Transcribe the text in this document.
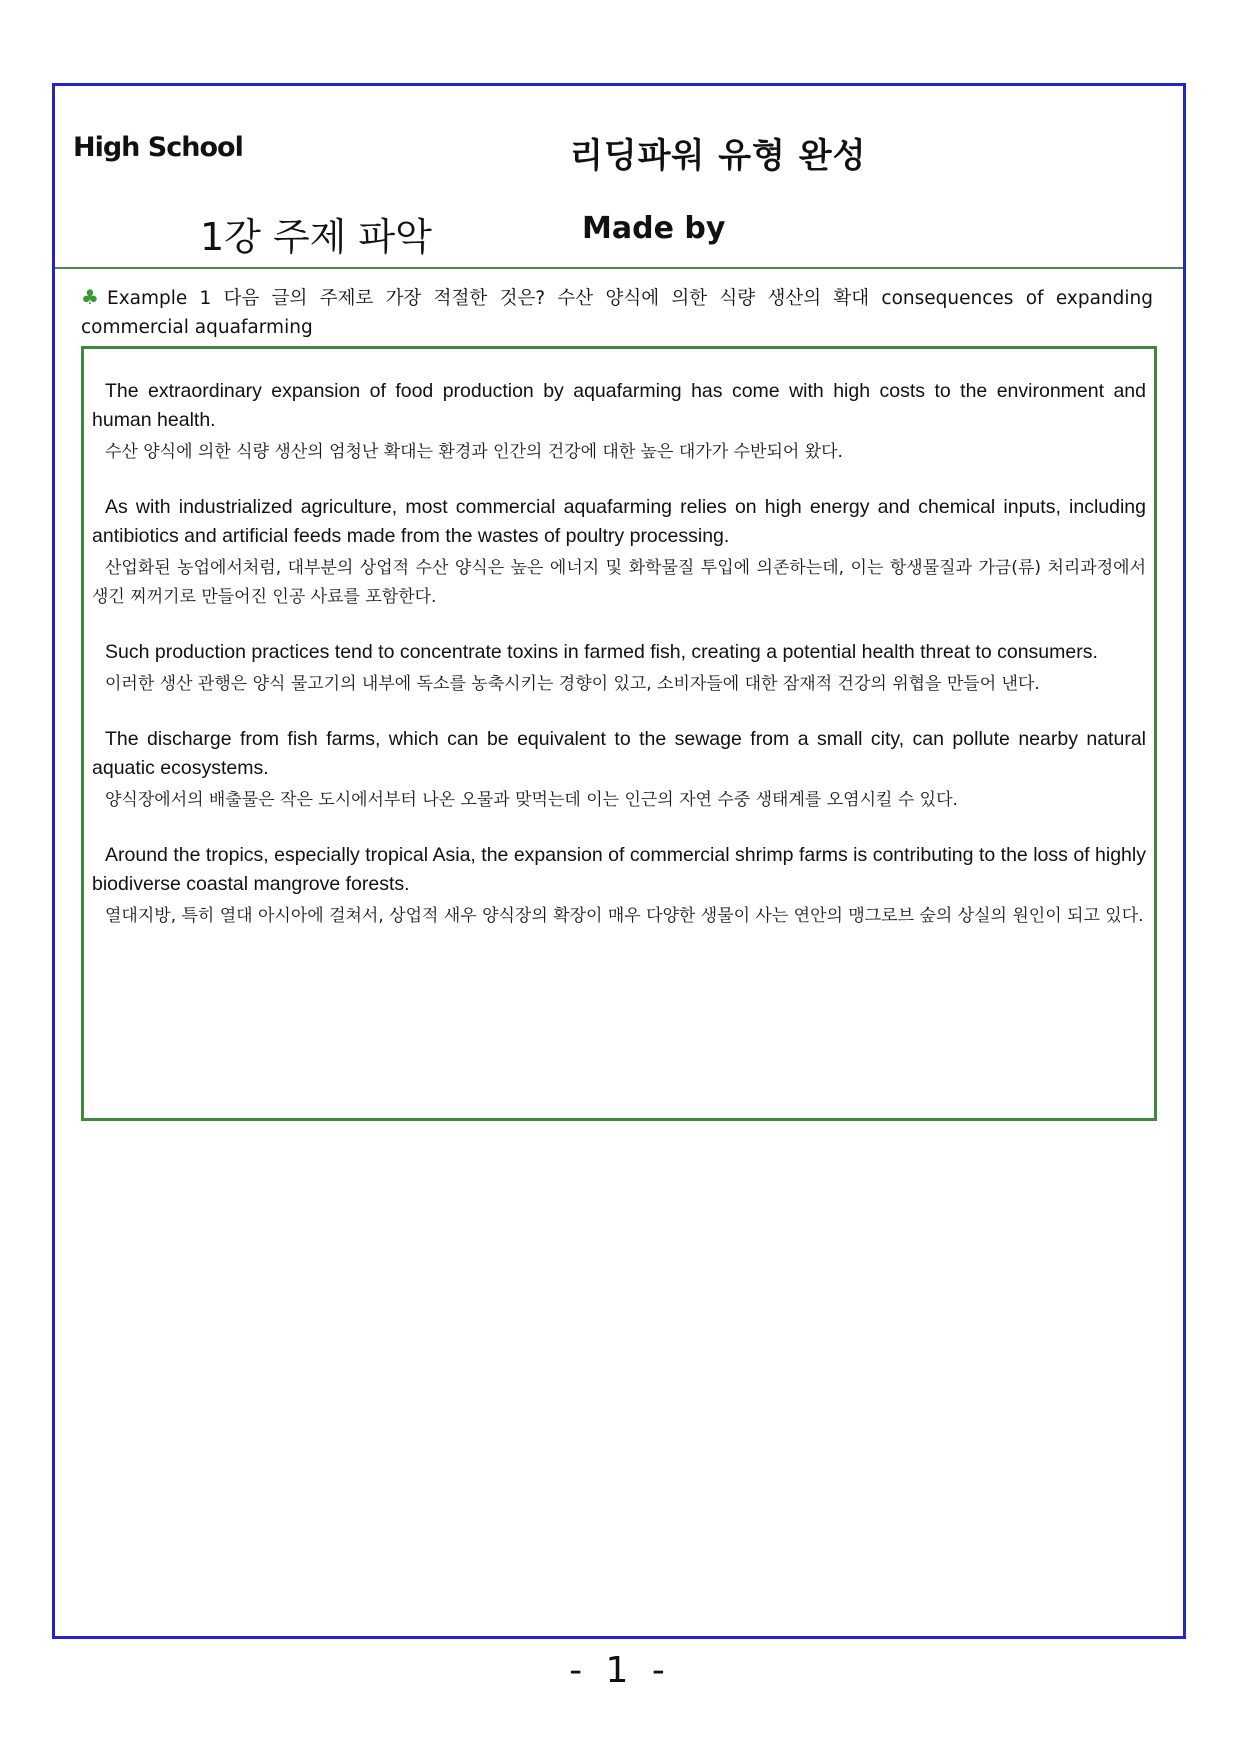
High School	리딩파워 유형 완성
1강 주제 파악	Made by
♣ Example 1 다음 글의 주제로 가장 적절한 것은? 수산 양식에 의한 식량 생산의 확대 consequences of expanding commercial aquafarming

The extraordinary expansion of food production by aquafarming has come with high costs to the environment and human health.

수산 양식에 의한 식량 생산의 엄청난 확대는 환경과 인간의 건강에 대한 높은 대가가 수반되어 왔다.

As with industrialized agriculture, most commercial aquafarming relies on high energy and chemical inputs, including antibiotics and artificial feeds made from the wastes of poultry processing.

산업화된 농업에서처럼, 대부분의 상업적 수산 양식은 높은 에너지 및 화학물질 투입에 의존하는데, 이는 항생물질과 가금(류) 처리과정에서 생긴 찌꺼기로 만들어진 인공 사료를 포함한다.

Such production practices tend to concentrate toxins in farmed fish, creating a potential health threat to consumers.

이러한 생산 관행은 양식 물고기의 내부에 독소를 농축시키는 경향이 있고, 소비자들에 대한 잠재적 건강의 위협을 만들어 낸다.

The discharge from fish farms, which can be equivalent to the sewage from a small city, can pollute nearby natural aquatic ecosystems.

양식장에서의 배출물은 작은 도시에서부터 나온 오물과 맞먹는데 이는 인근의 자연 수중 생태계를 오염시킬 수 있다.

Around the tropics, especially tropical Asia, the expansion of commercial shrimp farms is contributing to the loss of highly biodiverse coastal mangrove forests.

열대지방, 특히 열대 아시아에 걸쳐서, 상업적 새우 양식장의 확장이 매우 다양한 생물이 사는 연안의 맹그로브 숲의 상실의 원인이 되고 있다.

- 1 -
